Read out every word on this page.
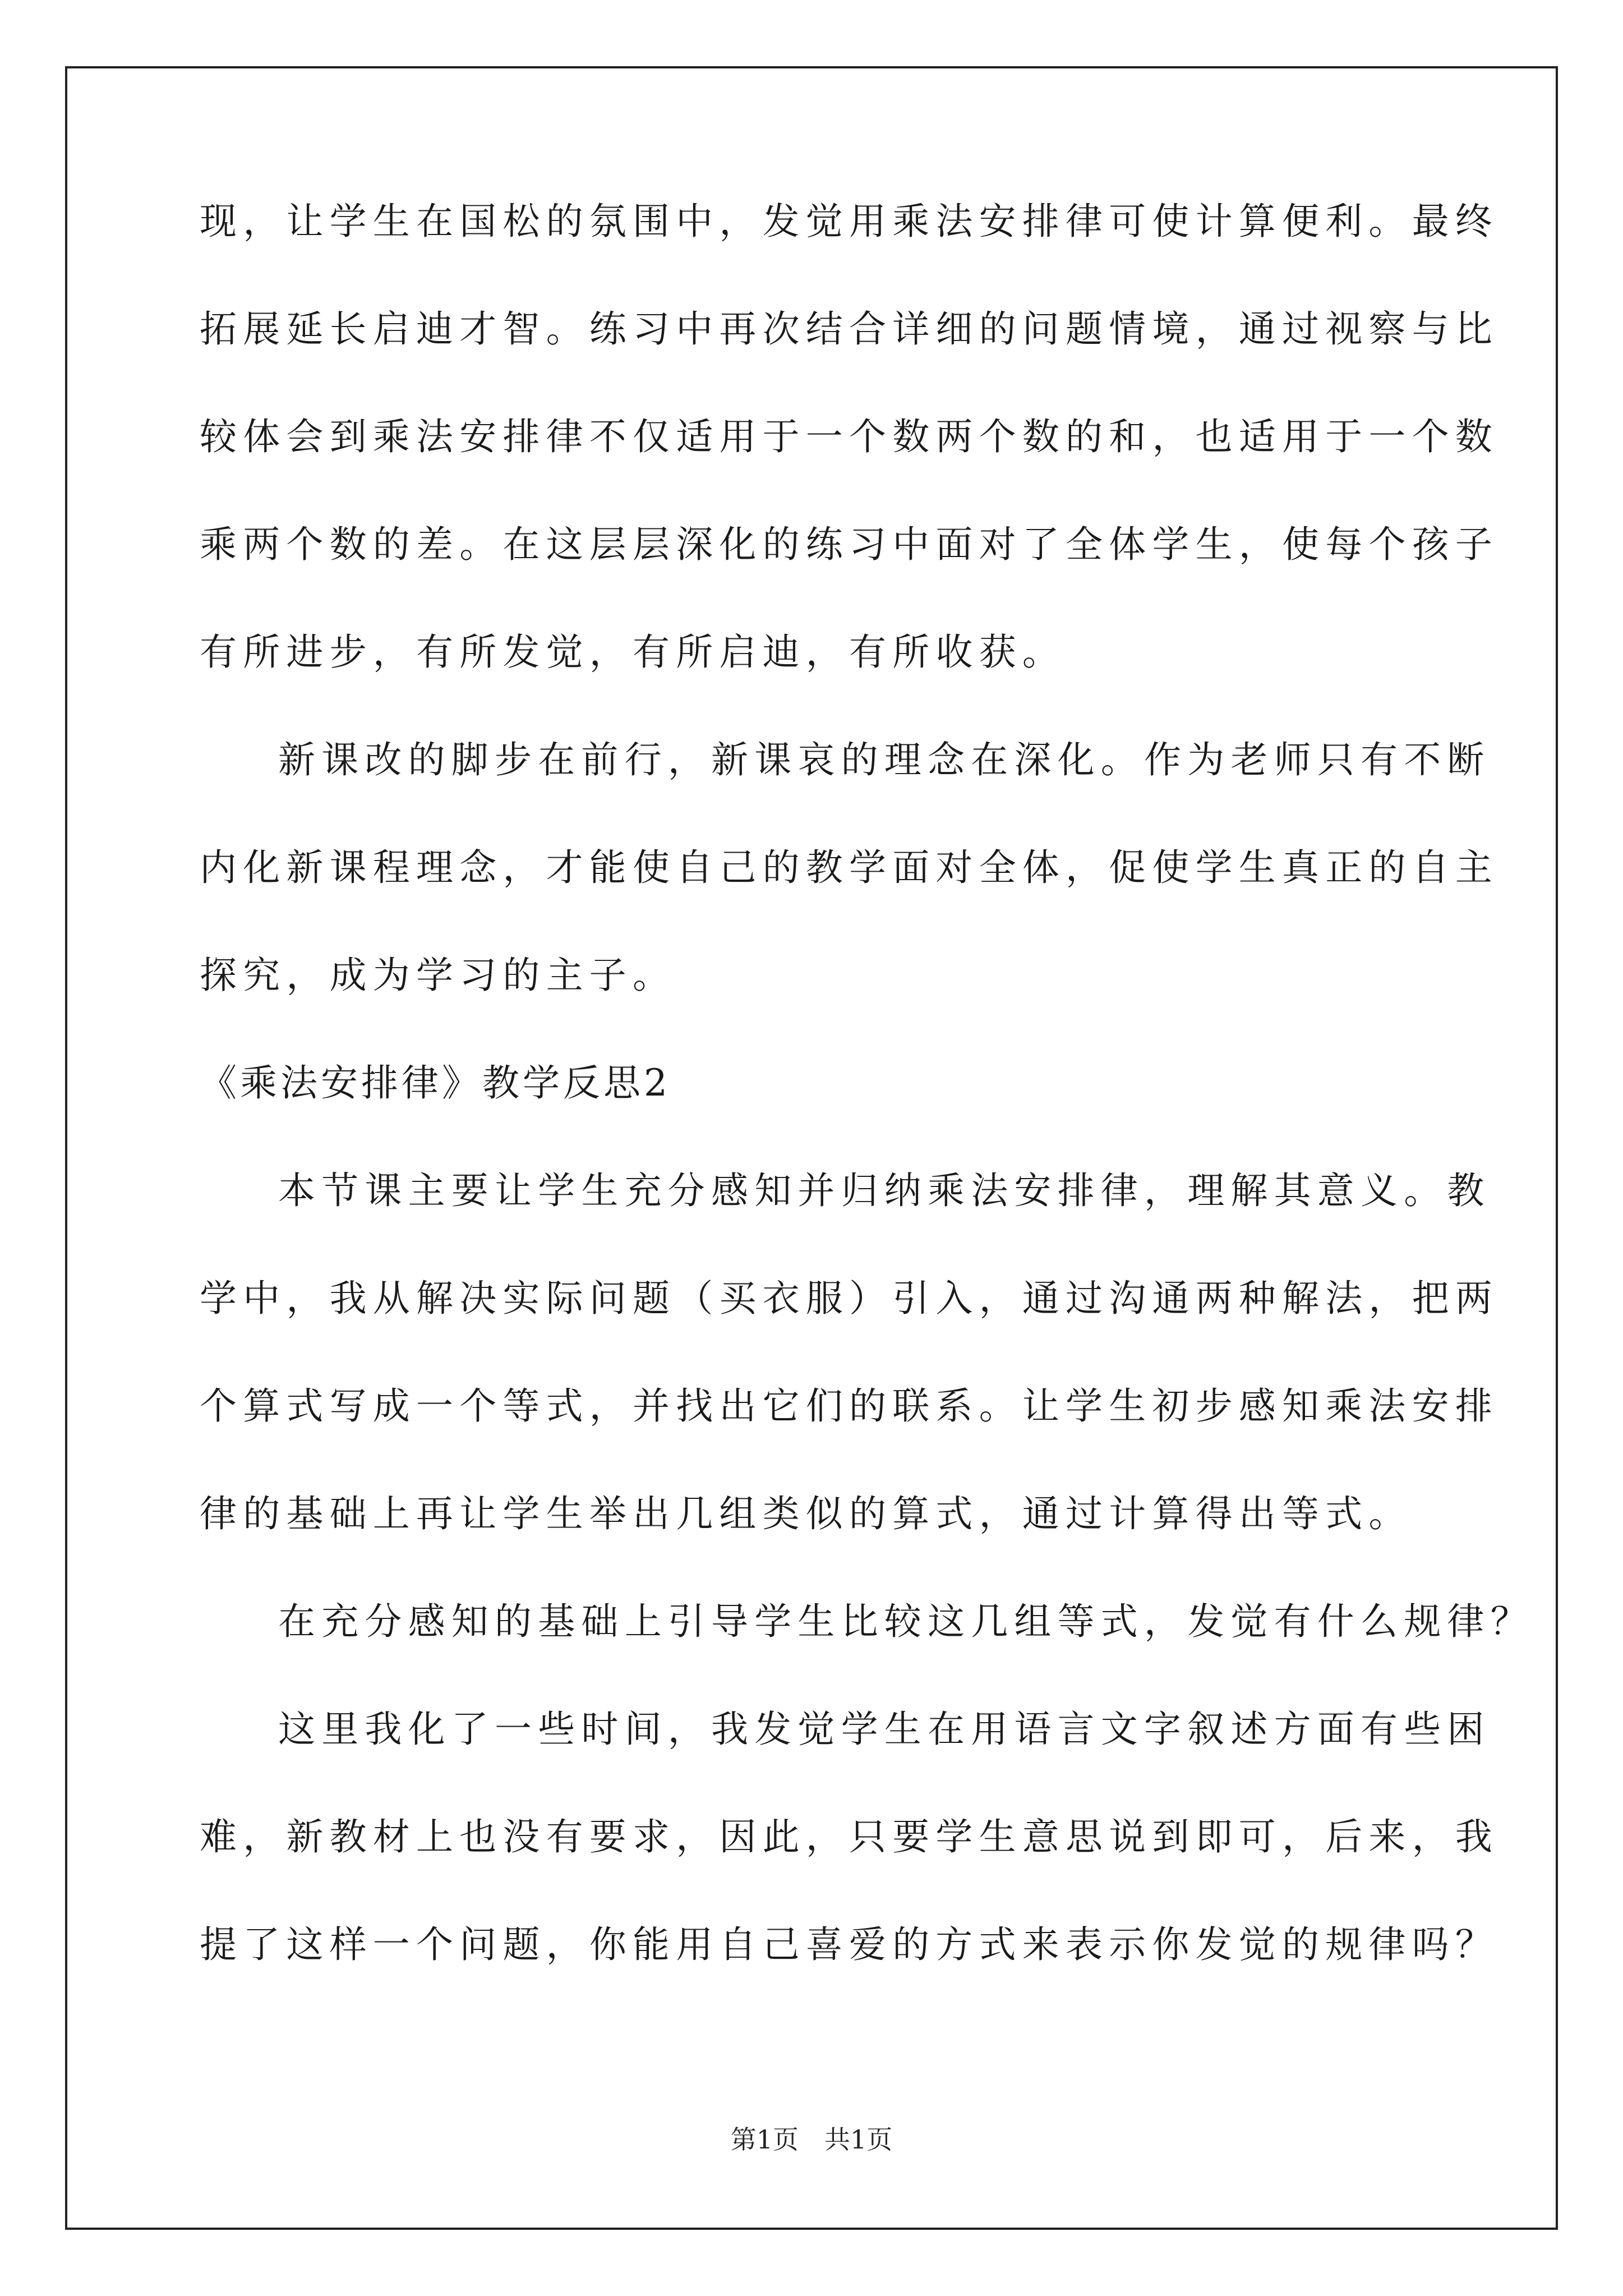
现，让学生在国松的氛围中，发觉用乘法安排律可使计算便利。最终
拓展延长启迪才智。练习中再次结合详细的问题情境，通过视察与比
较体会到乘法安排律不仅适用于一个数两个数的和，也适用于一个数
乘两个数的差。在这层层深化的练习中面对了全体学生，使每个孩子
有所进步，有所发觉，有所启迪，有所收获。
新课改的脚步在前行，新课哀的理念在深化。作为老师只有不断
内化新课程理念，才能使自己的教学面对全体，促使学生真正的自主
探究，成为学习的主子。
《乘法安排律》教学反思2
本节课主要让学生充分感知并归纳乘法安排律，理解其意义。教
学中，我从解决实际问题（买衣服）引入，通过沟通两种解法，把两
个算式写成一个等式，并找出它们的联系。让学生初步感知乘法安排
律的基础上再让学生举出几组类似的算式，通过计算得出等式。
在充分感知的基础上引导学生比较这几组等式，发觉有什么规律？
这里我化了一些时间，我发觉学生在用语言文字叙述方面有些困
难，新教材上也没有要求，因此，只要学生意思说到即可，后来，我
提了这样一个问题，你能用自己喜爱的方式来表示你发觉的规律吗？
第1页　共1页
